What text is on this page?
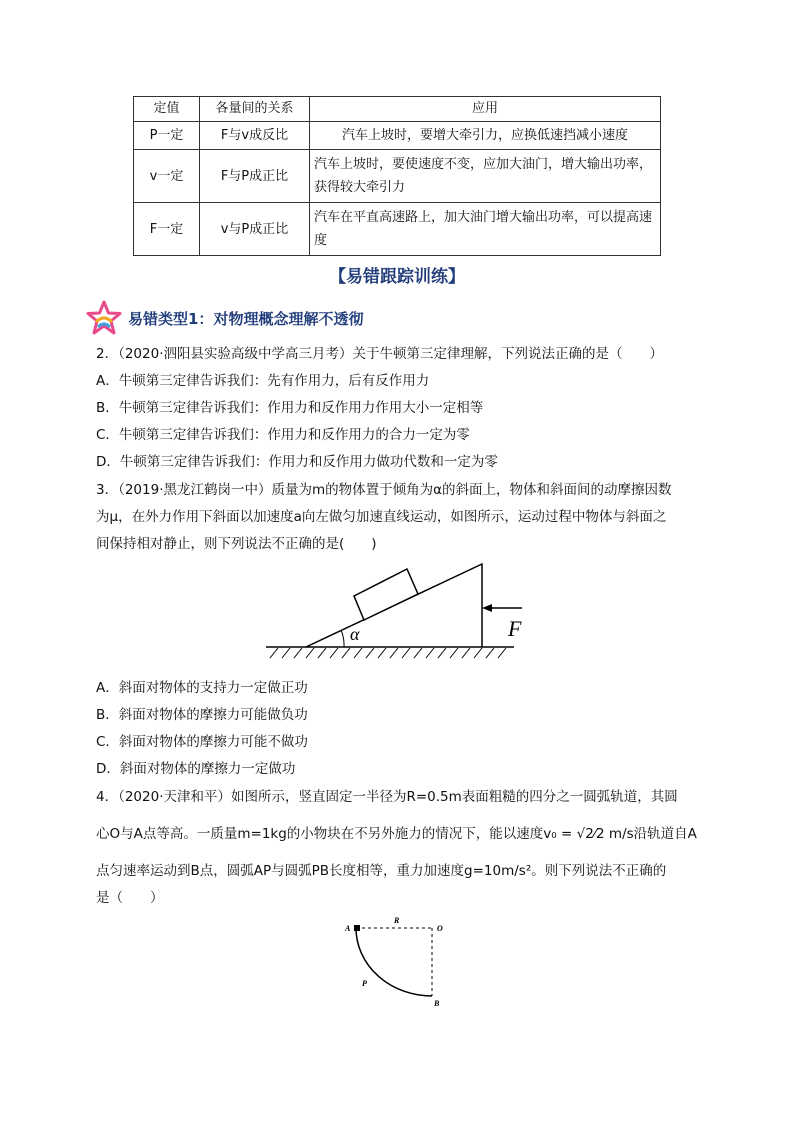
定值	各量间的关系	应用
P一定	F与v成反比	汽车上坡时，要增大牵引力，应换低速挡减小速度
v一定	F与P成正比	汽车上坡时，要使速度不变，应加大油门，增大输出功率，获得较大牵引力
F一定	v与P成正比	汽车在平直高速路上，加大油门增大输出功率，可以提高速度
【易错跟踪训练】
易错类型1：对物理概念理解不透彻
2．（2020·泗阳县实验高级中学高三月考）关于牛顿第三定律理解，下列说法正确的是（　　）
A．牛顿第三定律告诉我们：先有作用力，后有反作用力
B．牛顿第三定律告诉我们：作用力和反作用力作用大小一定相等
C．牛顿第三定律告诉我们：作用力和反作用力的合力一定为零
D．牛顿第三定律告诉我们：作用力和反作用力做功代数和一定为零
3．（2019·黑龙江鹤岗一中）质量为m的物体置于倾角为α的斜面上，物体和斜面间的动摩擦因数
为μ，在外力作用下斜面以加速度a向左做匀加速直线运动，如图所示，运动过程中物体与斜面之
间保持相对静止，则下列说法不正确的是(　　)
α	F
A．斜面对物体的支持力一定做正功
B．斜面对物体的摩擦力可能做负功
C．斜面对物体的摩擦力可能不做功
D．斜面对物体的摩擦力一定做功
4．（2020·天津和平）如图所示，竖直固定一半径为R=0.5m表面粗糙的四分之一圆弧轨道，其圆
心O与A点等高。一质量m=1kg的小物块在不另外施力的情况下，能以速度v₀ = √2⁄2 m/s沿轨道自A
点匀速率运动到B点，圆弧AP与圆弧PB长度相等，重力加速度g=10m/s²。则下列说法不正确的
是（　　）
A
R
O
P
B
